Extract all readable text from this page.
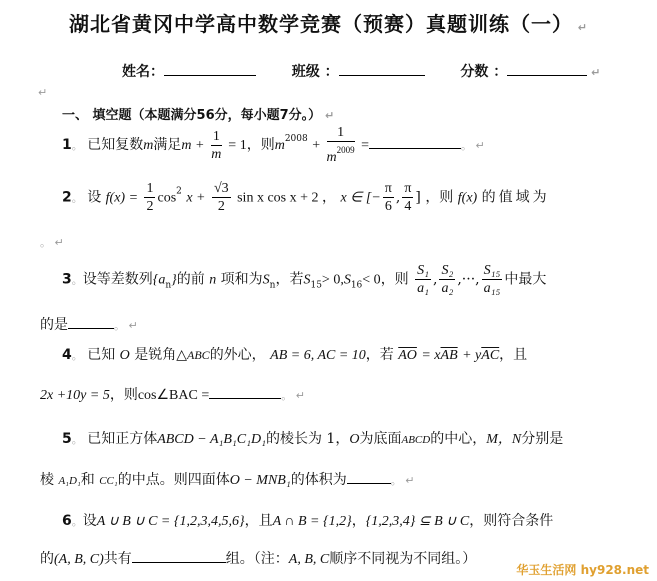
湖北省黄冈中学高中数学竞赛（预赛）真题训练（一） ↵
姓名：	班级 ：	分数 ：	↵
↵
一、 填空题（本题满分56分，每小题7分。） ↵
1。 已知复数m满足$m + \frac{1}{m} = 1$，则$m^{2008} + \frac{1}{m^{2009}}$ =	。 ↵
2。 设 $f(x) = \frac{1}{2} \cos^2 x + \frac{√3}{2}$ sin x cos x + 2 ， x ∈ [− $\frac{\pi}{6}$ , $\frac{\pi}{4}$ ] ，则 f(x) 的值域为
。 ↵
3。设等差数列$\{a_n\}$的前 n 项和为$S_n$，若$S_{15}> 0,S_{16}< 0$，则 $\frac{\text{S₁}}{\text{a₁}}$ , $\frac{\text{S₂}}{\text{a₂}}$ ,···, $\frac{\text{S₁₅}}{\text{a₁₅}}$ 中最大
的是	。 ↵
4。 已知 O 是锐角△ABC的外心， AB = 6, AC = 10，若 $\overline{AO} = x\overline{AB} + y\overline{AC}$，且
2x +10y = 5，则cos∠BAC =	。 ↵
5。 已知正方体ABCD − A₁B₁C₁D₁的棱长为 1，O为底面ABCD的中心，M，N分别是
棱 A₁D₁和 CC₁的中点。则四面体O − MNB₁的体积为	。 ↵
6。设A ∪ B ∪ C = {1,2,3,4,5,6}，且A ∩ B = {1,2}，{1,2,3,4} ⊆ B ∪ C，则符合条件
的(A, B, C)共有	组。（注：A, B, C顺序不同视为不同组。）
华玉生活网 hy928.net
